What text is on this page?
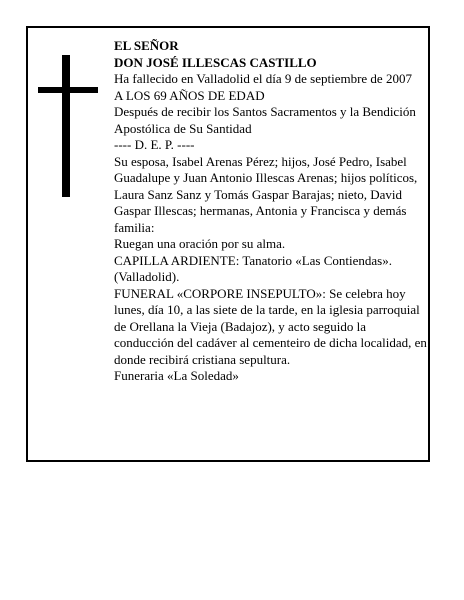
EL SEÑOR

DON JOSÉ ILLESCAS CASTILLO

Ha fallecido en Valladolid el día 9 de septiembre de 2007

A LOS 69 AÑOS DE EDAD

Después de recibir los Santos Sacramentos y la Bendición Apostólica de Su Santidad

---- D. E. P. ----

Su esposa, Isabel Arenas Pérez; hijos, José Pedro, Isabel Guadalupe y Juan Antonio Illescas Arenas; hijos políticos, Laura Sanz Sanz y Tomás Gaspar Barajas; nieto, David Gaspar Illescas; hermanas, Antonia y Francisca y demás familia:

Ruegan una oración por su alma.

CAPILLA ARDIENTE: Tanatorio «Las Contiendas». (Valladolid).

FUNERAL «CORPORE INSEPULTO»: Se celebra hoy lunes, día 10, a las siete de la tarde, en la iglesia parroquial de Orellana la Vieja (Badajoz), y acto seguido la conducción del cadáver al cementeiro de dicha localidad, en donde recibirá cristiana sepultura.

Funeraria «La Soledad»
